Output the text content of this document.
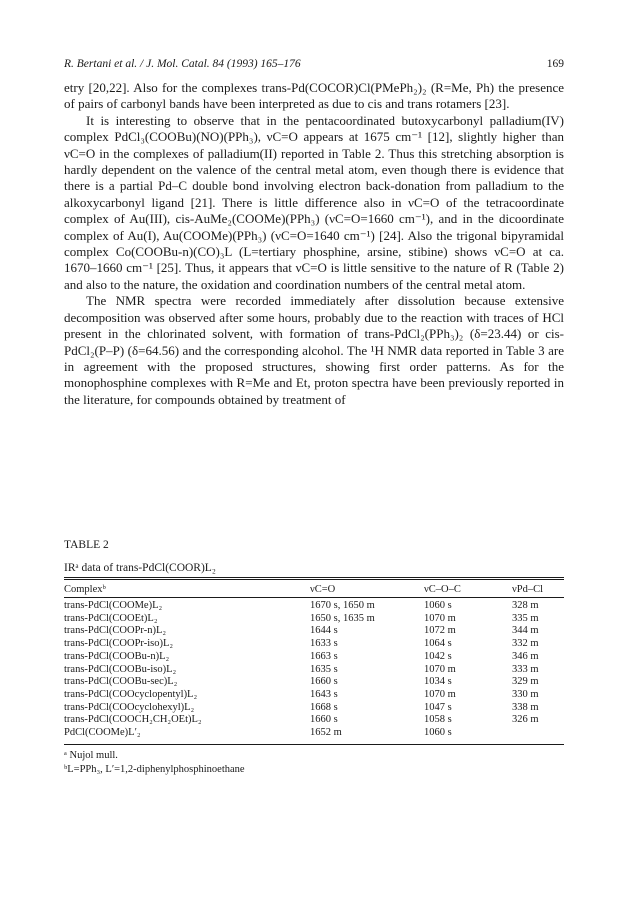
R. Bertani et al. / J. Mol. Catal. 84 (1993) 165–176	169

etry [20,22]. Also for the complexes trans-Pd(COCOR)Cl(PMePh₂)₂ (R=Me, Ph) the presence of pairs of carbonyl bands have been interpreted as due to cis and trans rotamers [23].

It is interesting to observe that in the pentacoordinated butoxycarbonyl palladium(IV) complex PdCl₃(COOBu)(NO)(PPh₃), νC=O appears at 1675 cm⁻¹ [12], slightly higher than νC=O in the complexes of palladium(II) reported in Table 2. Thus this stretching absorption is hardly dependent on the valence of the central metal atom, even though there is evidence that there is a partial Pd–C double bond involving electron back-donation from palladium to the alkoxycarbonyl ligand [21]. There is little difference also in νC=O of the tetracoordinate complex of Au(III), cis-AuMe₂(COOMe)(PPh₃) (νC=O=1660 cm⁻¹), and in the dicoordinate complex of Au(I), Au(COOMe)(PPh₃) (νC=O=1640 cm⁻¹) [24]. Also the trigonal bipyramidal complex Co(COOBu-n)(CO)₃L (L=tertiary phosphine, arsine, stibine) shows νC=O at ca. 1670–1660 cm⁻¹ [25]. Thus, it appears that νC=O is little sensitive to the nature of R (Table 2) and also to the nature, the oxidation and coordination numbers of the central metal atom.

The NMR spectra were recorded immediately after dissolution because extensive decomposition was observed after some hours, probably due to the reaction with traces of HCl present in the chlorinated solvent, with formation of trans-PdCl₂(PPh₃)₂ (δ=23.44) or cis-PdCl₂(P–P) (δ=64.56) and the corresponding alcohol. The ¹H NMR data reported in Table 3 are in agreement with the proposed structures, showing first order patterns. As for the monophosphine complexes with R=Me and Et, proton spectra have been previously reported in the literature, for compounds obtained by treatment of

TABLE 2
IRᵃ data of trans-PdCl(COOR)L₂
Complexᵇ	νC=O	νC–O–C	νPd–Cl
trans-PdCl(COOMe)L₂	1670 s, 1650 m	1060 s	328 m
trans-PdCl(COOEt)L₂	1650 s, 1635 m	1070 m	335 m
trans-PdCl(COOPr-n)L₂	1644 s	1072 m	344 m
trans-PdCl(COOPr-iso)L₂	1633 s	1064 s	332 m
trans-PdCl(COOBu-n)L₂	1663 s	1042 s	346 m
trans-PdCl(COOBu-iso)L₂	1635 s	1070 m	333 m
trans-PdCl(COOBu-sec)L₂	1660 s	1034 s	329 m
trans-PdCl(COOcyclopentyl)L₂	1643 s	1070 m	330 m
trans-PdCl(COOcyclohexyl)L₂	1668 s	1047 s	338 m
trans-PdCl(COOCH₂CH₂OEt)L₂	1660 s	1058 s	326 m
PdCl(COOMe)L′₂	1652 m	1060 s	
ᵃ Nujol mull.
ᵇL=PPh₃, L′=1,2-diphenylphosphinoethane
